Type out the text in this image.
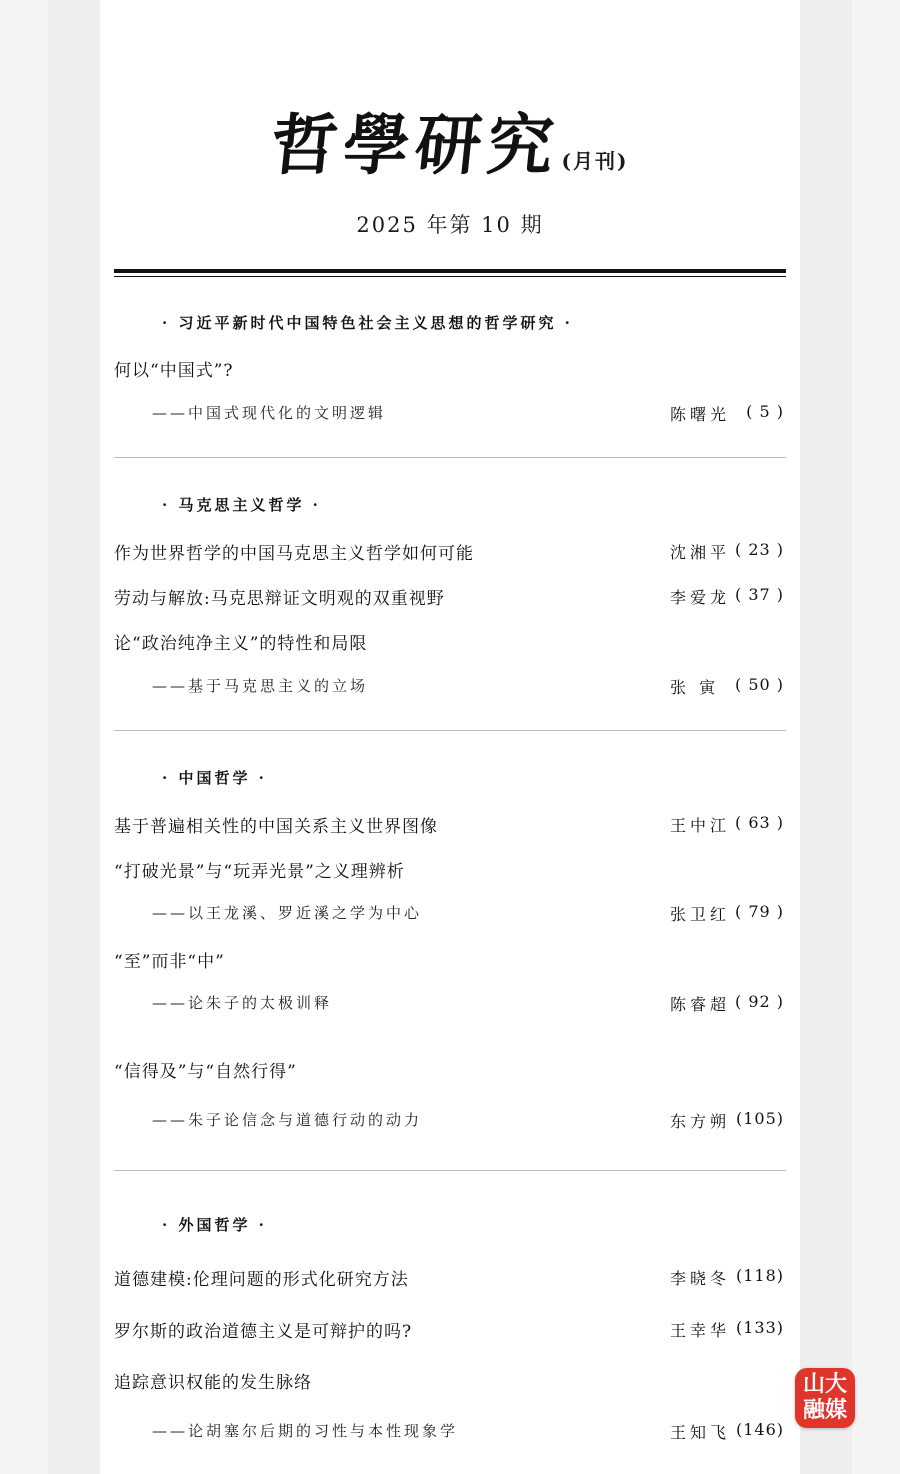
哲學研究(月刊)
2025 年第 10 期
· 习近平新时代中国特色社会主义思想的哲学研究 ·
何以“中国式”?
——中国式现代化的文明逻辑	陈曙光 ( 5 )
· 马克思主义哲学 ·
作为世界哲学的中国马克思主义哲学如何可能	沈湘平 ( 23 )
劳动与解放:马克思辩证文明观的双重视野	李爱龙 ( 37 )
论“政治纯净主义”的特性和局限
——基于马克思主义的立场	张 寅 ( 50 )
· 中国哲学 ·
基于普遍相关性的中国关系主义世界图像	王中江 ( 63 )
“打破光景”与“玩弄光景”之义理辨析
——以王龙溪、罗近溪之学为中心	张卫红 ( 79 )
“至”而非“中”
——论朱子的太极训释	陈睿超 ( 92 )
“信得及”与“自然行得”
——朱子论信念与道德行动的动力	东方朔 (105)
· 外国哲学 ·
道德建模:伦理问题的形式化研究方法	李晓冬 (118)
罗尔斯的政治道德主义是可辩护的吗?	王幸华 (133)
追踪意识权能的发生脉络
——论胡塞尔后期的习性与本性现象学	王知飞 (146)
山大融媒
